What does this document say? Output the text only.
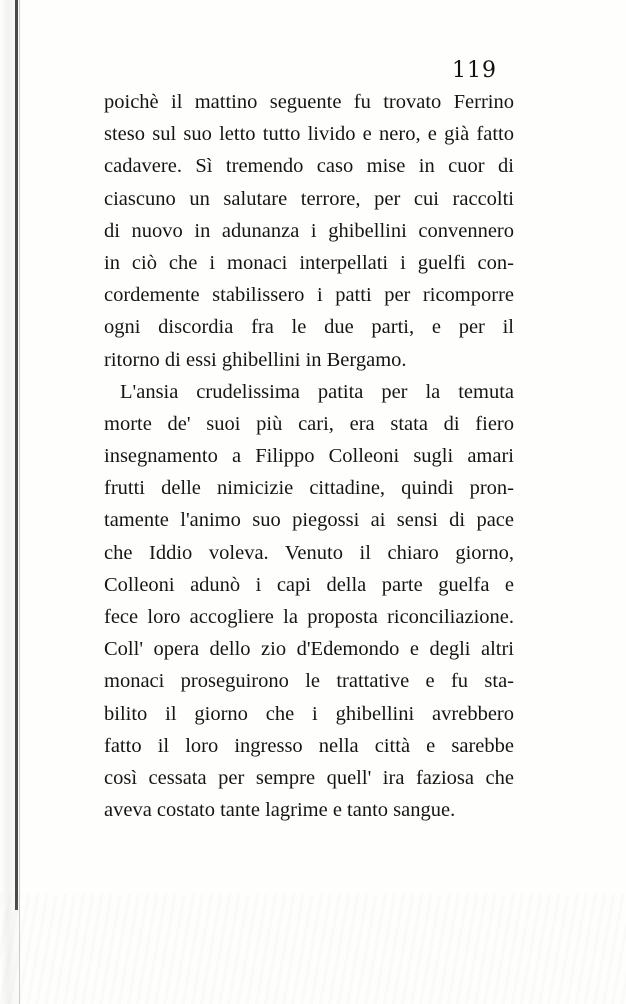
119
poichè il mattino seguente fu trovato Ferrino
steso sul suo letto tutto livido e nero, e già fatto
cadavere. Sì tremendo caso mise in cuor di
ciascuno un salutare terrore, per cui raccolti
di nuovo in adunanza i ghibellini convennero
in ciò che i monaci interpellati i guelfi con-
cordemente stabilissero i patti per ricomporre
ogni discordia fra le due parti, e per il
ritorno di essi ghibellini in Bergamo.
L'ansia crudelissima patita per la temuta
morte de' suoi più cari, era stata di fiero
insegnamento a Filippo Colleoni sugli amari
frutti delle nimicizie cittadine, quindi pron-
tamente l'animo suo piegossi ai sensi di pace
che Iddio voleva. Venuto il chiaro giorno,
Colleoni adunò i capi della parte guelfa e
fece loro accogliere la proposta riconciliazione.
Coll' opera dello zio d'Edemondo e degli altri
monaci proseguirono le trattative e fu sta-
bilito il giorno che i ghibellini avrebbero
fatto il loro ingresso nella città e sarebbe
così cessata per sempre quell' ira faziosa che
aveva costato tante lagrime e tanto sangue.
